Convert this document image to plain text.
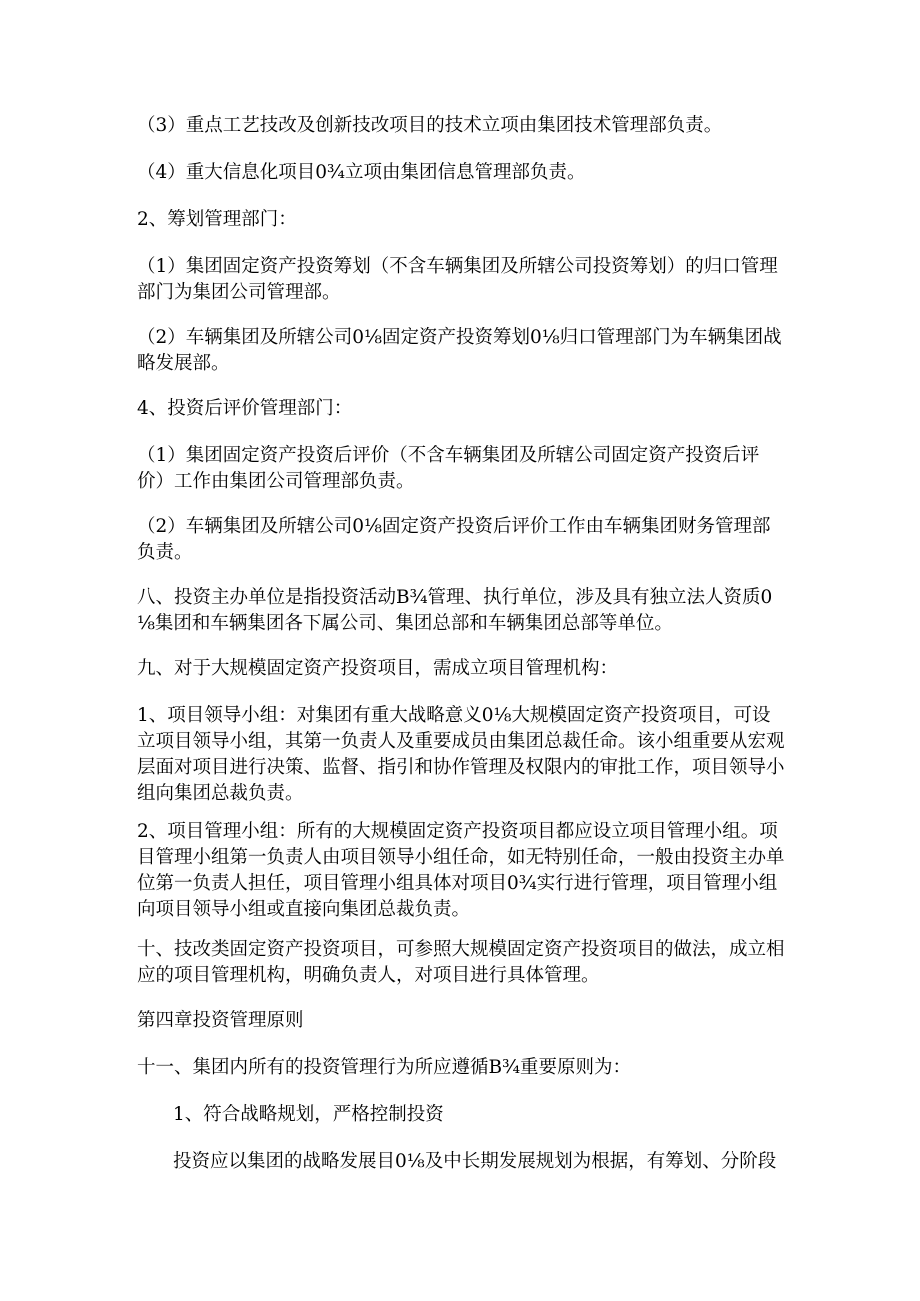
（3）重点工艺技改及创新技改项目的技术立项由集团技术管理部负责。

（4）重大信息化项目0¾立项由集团信息管理部负责。

2、筹划管理部门：

（1）集团固定资产投资筹划（不含车辆集团及所辖公司投资筹划）的归口管理部门为集团公司管理部。

（2）车辆集团及所辖公司0⅛固定资产投资筹划0⅛归口管理部门为车辆集团战略发展部。

4、投资后评价管理部门：

（1）集团固定资产投资后评价（不含车辆集团及所辖公司固定资产投资后评价）工作由集团公司管理部负责。

（2）车辆集团及所辖公司0⅛固定资产投资后评价工作由车辆集团财务管理部负责。

八、投资主办单位是指投资活动B¾管理、执行单位，涉及具有独立法人资质0⅛集团和车辆集团各下属公司、集团总部和车辆集团总部等单位。

九、对于大规模固定资产投资项目，需成立项目管理机构：

1、项目领导小组：对集团有重大战略意义0⅛大规模固定资产投资项目，可设立项目领导小组，其第一负责人及重要成员由集团总裁任命。该小组重要从宏观层面对项目进行决策、监督、指引和协作管理及权限内的审批工作，项目领导小组向集团总裁负责。

2、项目管理小组：所有的大规模固定资产投资项目都应设立项目管理小组。项目管理小组第一负责人由项目领导小组任命，如无特别任命，一般由投资主办单位第一负责人担任，项目管理小组具体对项目0¾实行进行管理，项目管理小组向项目领导小组或直接向集团总裁负责。

十、技改类固定资产投资项目，可参照大规模固定资产投资项目的做法，成立相应的项目管理机构，明确负责人，对项目进行具体管理。

第四章投资管理原则

十一、集团内所有的投资管理行为所应遵循B¾重要原则为：

1、符合战略规划，严格控制投资

投资应以集团的战略发展目0⅛及中长期发展规划为根据，有筹划、分阶段
